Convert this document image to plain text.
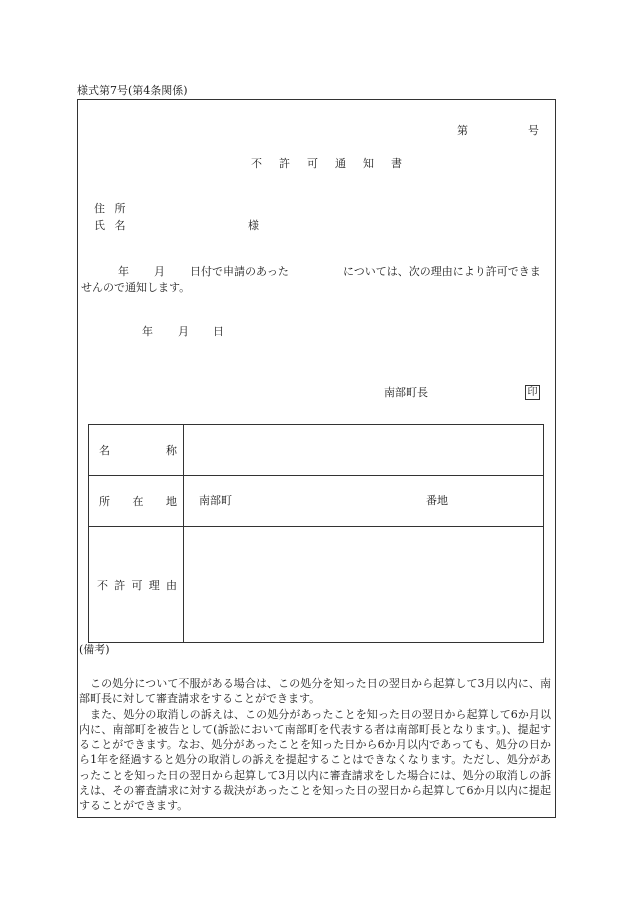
様式第7号(第4条関係)
第	号
不 許 可 通 知 書
住 所
氏 名	様
年 月 日付で申請のあった	については、次の理由により許可できま
せんので通知します。
年 月 日
南部町長	印
名 称	

所 在 地	南部町 番地

不 許 可 理 由	

(備考)

この処分について不服がある場合は、この処分を知った日の翌日から起算して3月以内に、南部町長に対して審査請求をすることができます。

また、処分の取消しの訴えは、この処分があったことを知った日の翌日から起算して6か月以内に、南部町を被告として(訴訟において南部町を代表する者は南部町長となります。)、提起することができます。なお、処分があったことを知った日から6か月以内であっても、処分の日から1年を経過すると処分の取消しの訴えを提起することはできなくなります。ただし、処分があったことを知った日の翌日から起算して3月以内に審査請求をした場合には、処分の取消しの訴えは、その審査請求に対する裁決があったことを知った日の翌日から起算して6か月以内に提起することができます。
